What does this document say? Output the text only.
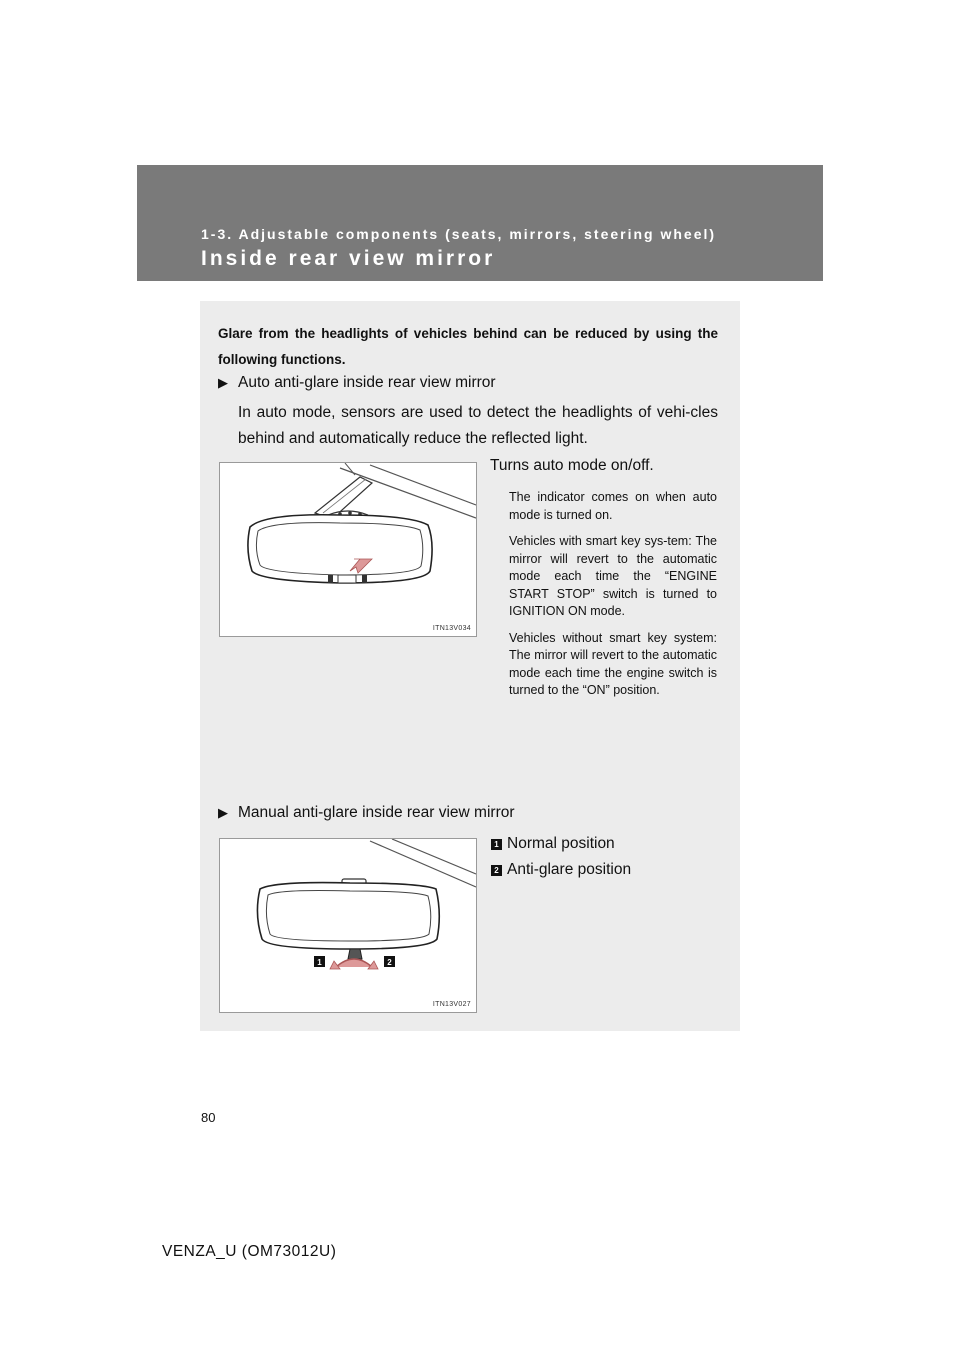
1-3. Adjustable components (seats, mirrors, steering wheel)
Inside rear view mirror
Glare from the headlights of vehicles behind can be reduced by using the following functions.
▶ Auto anti-glare inside rear view mirror
In auto mode, sensors are used to detect the headlights of vehi-cles behind and automatically reduce the reflected light.
ITN13V034
Turns auto mode on/off.

The indicator comes on when auto mode is turned on.

Vehicles with smart key sys-tem: The mirror will revert to the automatic mode each time the “ENGINE START STOP” switch is turned to IGNITION ON mode.

Vehicles without smart key system: The mirror will revert to the automatic mode each time the engine switch is turned to the “ON” position.

▶ Manual anti-glare inside rear view mirror
1	2
ITN13V027
1 Normal position
2 Anti-glare position
80
VENZA_U (OM73012U)
